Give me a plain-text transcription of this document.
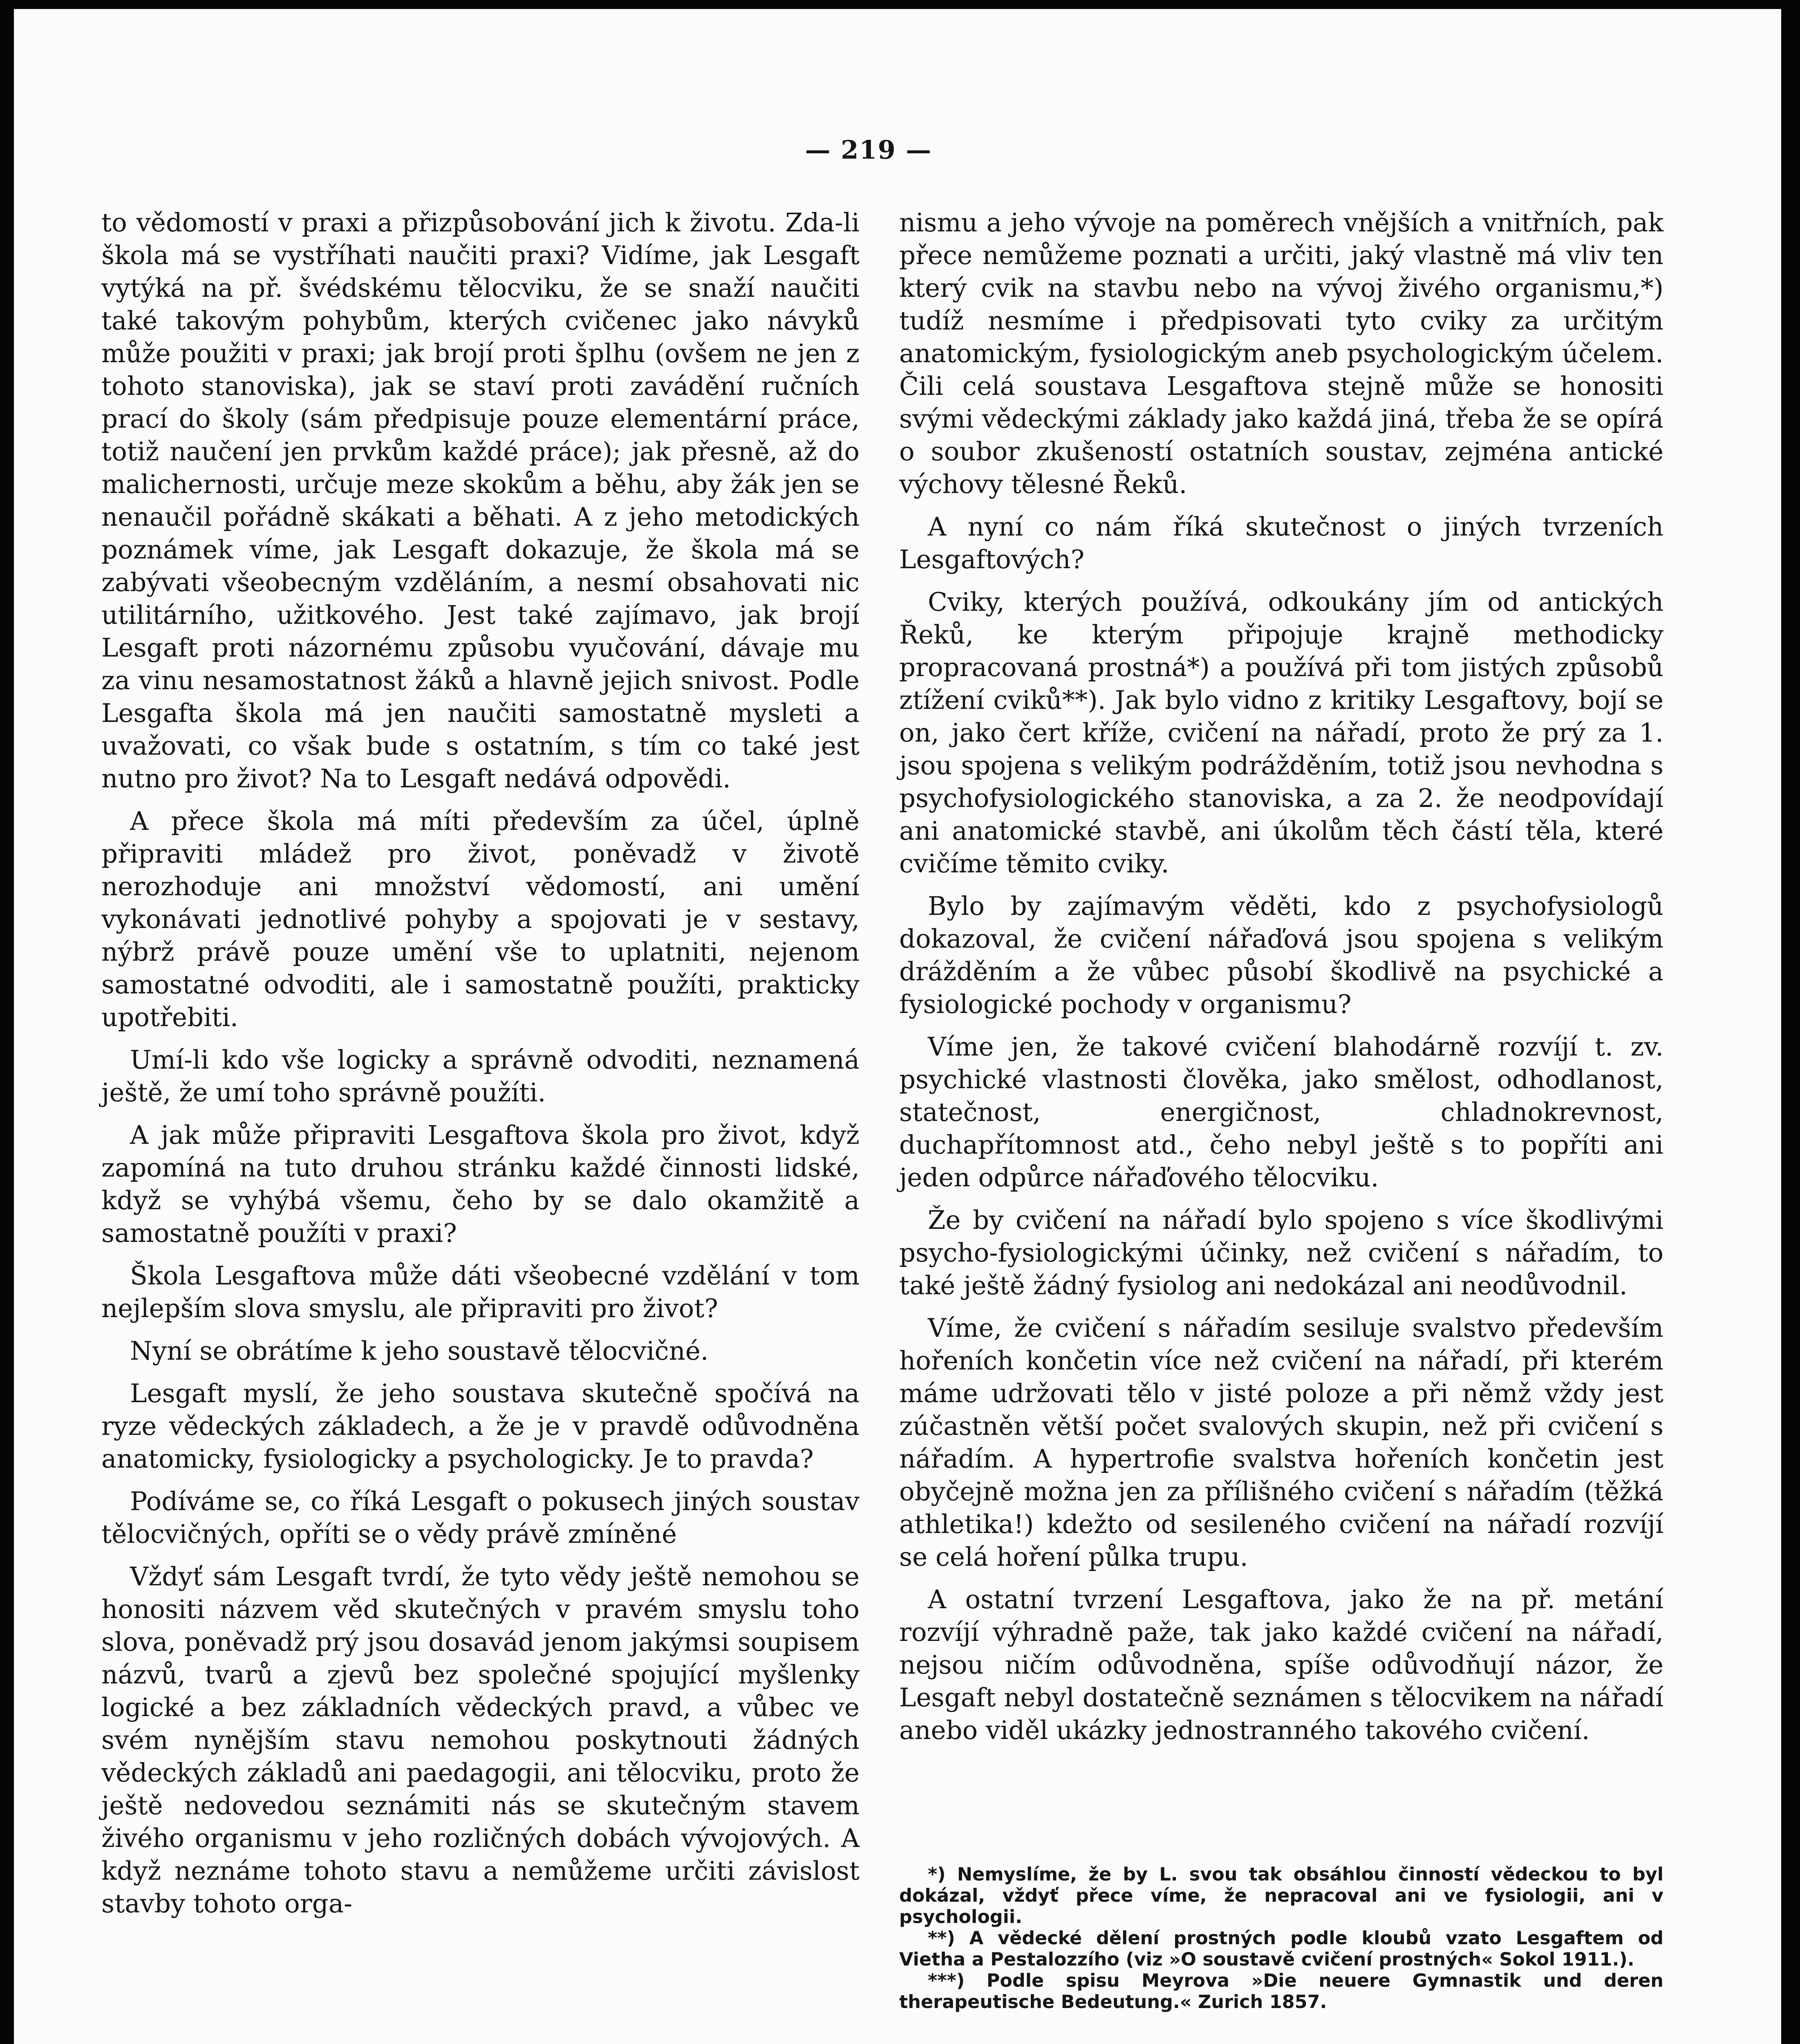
— 219 —

to vědomostí v praxi a přizpůsobování jich k životu. Zda-li škola má se vystříhati naučiti praxi? Vidíme, jak Lesgaft vytýká na př. švédskému tělocviku, že se snaží naučiti také takovým pohybům, kterých cvičenec jako návyků může použiti v praxi; jak brojí proti šplhu (ovšem ne jen z tohoto stanoviska), jak se staví proti zavádění ručních prací do školy (sám předpisuje pouze elementární práce, totiž naučení jen prvkům každé práce); jak přesně, až do malichernosti, určuje meze skokům a běhu, aby žák jen se nenaučil pořádně skákati a běhati. A z jeho metodických poznámek víme, jak Lesgaft dokazuje, že škola má se zabývati všeobecným vzděláním, a nesmí obsahovati nic utilitárního, užitkového. Jest také zajímavo, jak brojí Lesgaft proti názornému způsobu vyučování, dávaje mu za vinu nesamostatnost žáků a hlavně jejich snivost. Podle Lesgafta škola má jen naučiti samostatně mysleti a uvažovati, co však bude s ostatním, s tím co také jest nutno pro život? Na to Lesgaft nedává odpovědi.

A přece škola má míti především za účel, úplně připraviti mládež pro život, poněvadž v životě nerozhoduje ani množství vědomostí, ani umění vykonávati jednotlivé pohyby a spojovati je v sestavy, nýbrž právě pouze umění vše to uplatniti, nejenom samostatné odvoditi, ale i samostatně použíti, prakticky upotřebiti.

Umí-li kdo vše logicky a správně odvoditi, neznamená ještě, že umí toho správně použíti.

A jak může připraviti Lesgaftova škola pro život, když zapomíná na tuto druhou stránku každé činnosti lidské, když se vyhýbá všemu, čeho by se dalo okamžitě a samostatně použíti v praxi?

Škola Lesgaftova může dáti všeobecné vzdělání v tom nejlepším slova smyslu, ale připraviti pro život?

Nyní se obrátíme k jeho soustavě tělocvičné.

Lesgaft myslí, že jeho soustava skutečně spočívá na ryze vědeckých základech, a že je v pravdě odůvodněna anatomicky, fysiologicky a psychologicky. Je to pravda?

Podíváme se, co říká Lesgaft o pokusech jiných soustav tělocvičných, opříti se o vědy právě zmíněné

Vždyť sám Lesgaft tvrdí, že tyto vědy ještě nemohou se honositi názvem věd skutečných v pravém smyslu toho slova, poněvadž prý jsou dosavád jenom jakýmsi soupisem názvů, tvarů a zjevů bez společné spojující myšlenky logické a bez základních vědeckých pravd, a vůbec ve svém nynějším stavu nemohou poskytnouti žádných vědeckých základů ani paedagogii, ani tělocviku, proto že ještě nedovedou seznámiti nás se skutečným stavem živého organismu v jeho rozličných dobách vývojových. A když neznáme tohoto stavu a nemůžeme určiti závislost stavby tohoto orga-

nismu a jeho vývoje na poměrech vnějších a vnitřních, pak přece nemůžeme poznati a určiti, jaký vlastně má vliv ten který cvik na stavbu nebo na vývoj živého organismu,*) tudíž nesmíme i předpisovati tyto cviky za určitým anatomickým, fysiologickým aneb psychologickým účelem. Čili celá soustava Lesgaftova stejně může se honositi svými vědeckými základy jako každá jiná, třeba že se opírá o soubor zkušeností ostatních soustav, zejména antické výchovy tělesné Řeků.

A nyní co nám říká skutečnost o jiných tvrzeních Lesgaftových?

Cviky, kterých používá, odkoukány jím od antických Řeků, ke kterým připojuje krajně methodicky propracovaná prostná*) a používá při tom jistých způsobů ztížení cviků**). Jak bylo vidno z kritiky Lesgaftovy, bojí se on, jako čert kříže, cvičení na nářadí, proto že prý za 1. jsou spojena s velikým podrážděním, totiž jsou nevhodna s psychofysiologického stanoviska, a za 2. že neodpovídají ani anatomické stavbě, ani úkolům těch částí těla, které cvičíme těmito cviky.

Bylo by zajímavým věděti, kdo z psychofysiologů dokazoval, že cvičení nářaďová jsou spojena s velikým drážděním a že vůbec působí škodlivě na psychické a fysiologické pochody v organismu?

Víme jen, že takové cvičení blahodárně rozvíjí t. zv. psychické vlastnosti člověka, jako smělost, odhodlanost, statečnost, energičnost, chladnokrevnost, duchapřítomnost atd., čeho nebyl ještě s to popříti ani jeden odpůrce nářaďového tělocviku.

Že by cvičení na nářadí bylo spojeno s více škodlivými psycho-fysiologickými účinky, než cvičení s nářadím, to také ještě žádný fysiolog ani nedokázal ani neodůvodnil.

Víme, že cvičení s nářadím sesiluje svalstvo především hořeních končetin více než cvičení na nářadí, při kterém máme udržovati tělo v jisté poloze a při němž vždy jest zúčastněn větší počet svalových skupin, než při cvičení s nářadím. A hypertrofie svalstva hořeních končetin jest obyčejně možna jen za přílišného cvičení s nářadím (těžká athletika!) kdežto od sesileného cvičení na nářadí rozvíjí se celá hoření půlka trupu.

A ostatní tvrzení Lesgaftova, jako že na př. metání rozvíjí výhradně paže, tak jako každé cvičení na nářadí, nejsou ničím odůvodněna, spíše odůvodňují názor, že Lesgaft nebyl dostatečně seznámen s tělocvikem na nářadí anebo viděl ukázky jednostranného takového cvičení.

*) Nemyslíme, že by L. svou tak obsáhlou činností vědeckou to byl dokázal, vždyť přece víme, že nepracoval ani ve fysiologii, ani v psychologii.

**) A vědecké dělení prostných podle kloubů vzato Lesgaftem od Vietha a Pestalozzího (viz »O soustavě cvičení prostných« Sokol 1911.).

***) Podle spisu Meyrova »Die neuere Gymnastik und deren therapeutische Bedeutung.« Zurich 1857.
